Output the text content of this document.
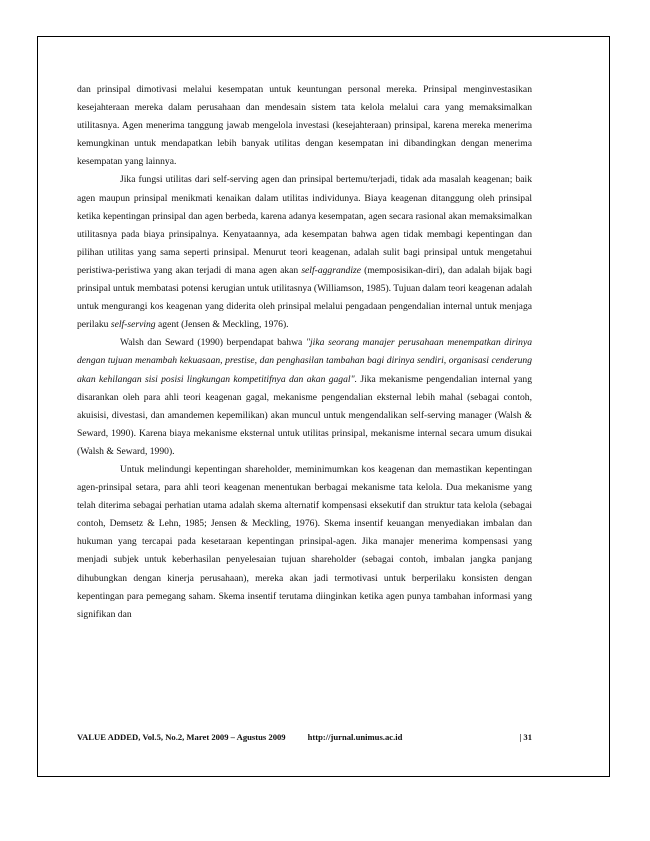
dan prinsipal dimotivasi melalui kesempatan untuk keuntungan personal mereka. Prinsipal menginvestasikan kesejahteraan mereka dalam perusahaan dan mendesain sistem tata kelola melalui cara yang memaksimalkan utilitasnya. Agen menerima tanggung jawab mengelola investasi (kesejahteraan) prinsipal, karena mereka menerima kemungkinan untuk mendapatkan lebih banyak utilitas dengan kesempatan ini dibandingkan dengan menerima kesempatan yang lainnya.

Jika fungsi utilitas dari self-serving agen dan prinsipal bertemu/terjadi, tidak ada masalah keagenan; baik agen maupun prinsipal menikmati kenaikan dalam utilitas individunya. Biaya keagenan ditanggung oleh prinsipal ketika kepentingan prinsipal dan agen berbeda, karena adanya kesempatan, agen secara rasional akan memaksimalkan utilitasnya pada biaya prinsipalnya. Kenyataannya, ada kesempatan bahwa agen tidak membagi kepentingan dan pilihan utilitas yang sama seperti prinsipal. Menurut teori keagenan, adalah sulit bagi prinsipal untuk mengetahui peristiwa-peristiwa yang akan terjadi di mana agen akan self-aggrandize (memposisikan-diri), dan adalah bijak bagi prinsipal untuk membatasi potensi kerugian untuk utilitasnya (Williamson, 1985). Tujuan dalam teori keagenan adalah untuk mengurangi kos keagenan yang diderita oleh prinsipal melalui pengadaan pengendalian internal untuk menjaga perilaku self-serving agent (Jensen & Meckling, 1976).

Walsh dan Seward (1990) berpendapat bahwa "jika seorang manajer perusahaan menempatkan dirinya dengan tujuan menambah kekuasaan, prestise, dan penghasilan tambahan bagi dirinya sendiri, organisasi cenderung akan kehilangan sisi posisi lingkungan kompetitifnya dan akan gagal". Jika mekanisme pengendalian internal yang disarankan oleh para ahli teori keagenan gagal, mekanisme pengendalian eksternal lebih mahal (sebagai contoh, akuisisi, divestasi, dan amandemen kepemilikan) akan muncul untuk mengendalikan self-serving manager (Walsh & Seward, 1990). Karena biaya mekanisme eksternal untuk utilitas prinsipal, mekanisme internal secara umum disukai (Walsh & Seward, 1990).

Untuk melindungi kepentingan shareholder, meminimumkan kos keagenan dan memastikan kepentingan agen-prinsipal setara, para ahli teori keagenan menentukan berbagai mekanisme tata kelola. Dua mekanisme yang telah diterima sebagai perhatian utama adalah skema alternatif kompensasi eksekutif dan struktur tata kelola (sebagai contoh, Demsetz & Lehn, 1985; Jensen & Meckling, 1976). Skema insentif keuangan menyediakan imbalan dan hukuman yang tercapai pada kesetaraan kepentingan prinsipal-agen. Jika manajer menerima kompensasi yang menjadi subjek untuk keberhasilan penyelesaian tujuan shareholder (sebagai contoh, imbalan jangka panjang dihubungkan dengan kinerja perusahaan), mereka akan jadi termotivasi untuk berperilaku konsisten dengan kepentingan para pemegang saham. Skema insentif terutama diinginkan ketika agen punya tambahan informasi yang signifikan dan

VALUE ADDED, Vol.5, No.2, Maret 2009 – Agustus 2009	http://jurnal.unimus.ac.id	| 31
